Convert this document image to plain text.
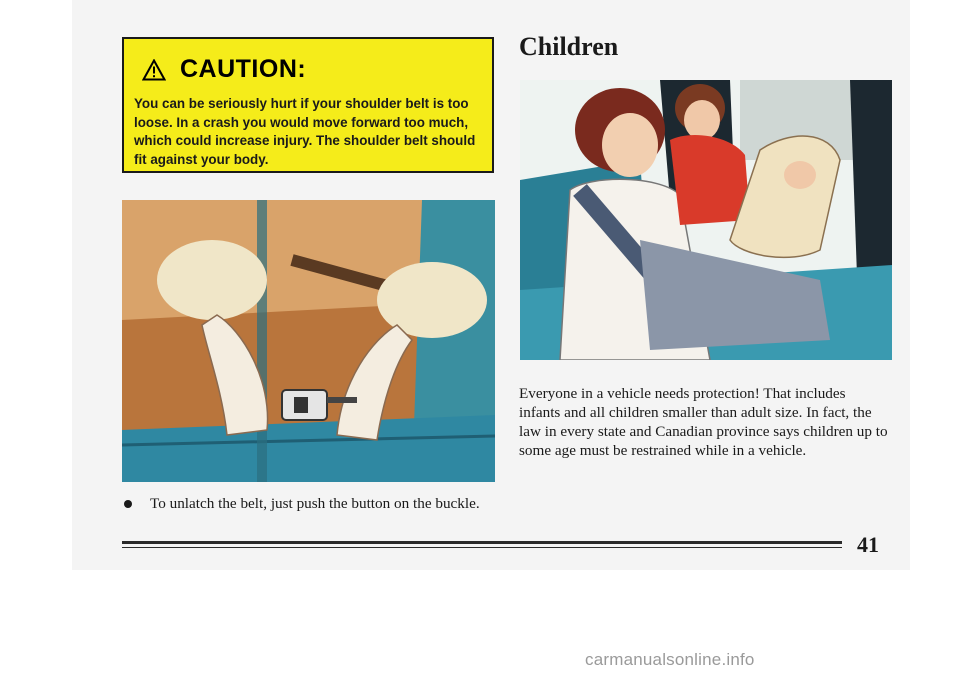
CAUTION:

You can be seriously hurt if your shoulder belt is too loose. In a crash you would move forward too much, which could increase injury. The shoulder belt should fit against your body.

Children

Everyone in a vehicle needs protection! That includes infants and all children smaller than adult size. In fact, the law in every state and Canadian province says children up to some age must be restrained while in a vehicle.

To unlatch the belt, just push the button on the buckle.
41
carmanualsonline.info
